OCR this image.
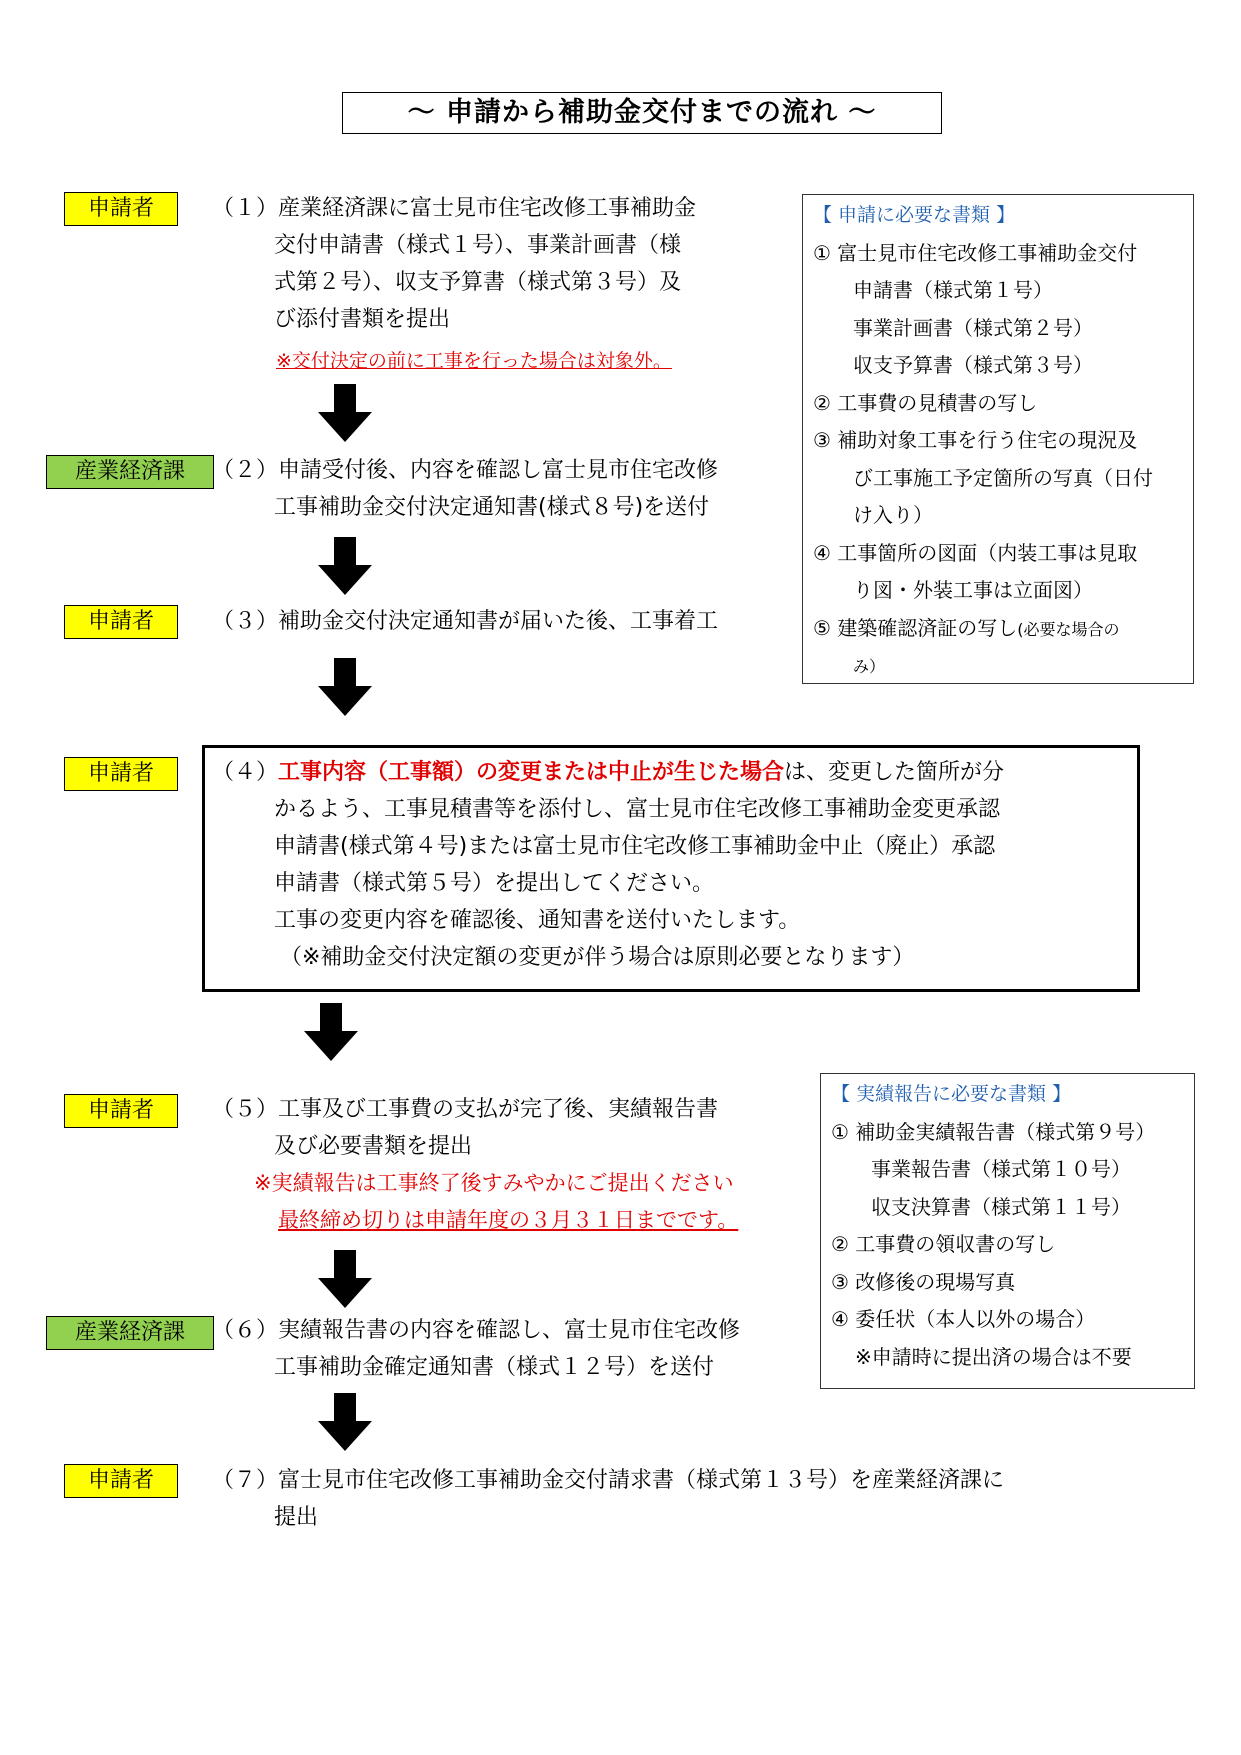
～ 申請から補助金交付までの流れ ～
申請者	（１）産業経済課に富士見市住宅改修工事補助金
交付申請書（様式１号）、事業計画書（様
式第２号）、収支予算書（様式第３号）及
び添付書類を提出
※交付決定の前に工事を行った場合は対象外。
産業経済課	（２）申請受付後、内容を確認し富士見市住宅改修
工事補助金交付決定通知書(様式８号)を送付
申請者	（３）補助金交付決定通知書が届いた後、工事着工
申請者	（４）工事内容（工事額）の変更または中止が生じた場合は、変更した箇所が分
かるよう、工事見積書等を添付し、富士見市住宅改修工事補助金変更承認
申請書(様式第４号)または富士見市住宅改修工事補助金中止（廃止）承認
申請書（様式第５号）を提出してください。
工事の変更内容を確認後、通知書を送付いたします。
（※補助金交付決定額の変更が伴う場合は原則必要となります）
申請者	（５）工事及び工事費の支払が完了後、実績報告書
及び必要書類を提出
※実績報告は工事終了後すみやかにご提出ください
最終締め切りは申請年度の３月３１日までです。
産業経済課	（６）実績報告書の内容を確認し、富士見市住宅改修
工事補助金確定通知書（様式１２号）を送付
申請者	（７）富士見市住宅改修工事補助金交付請求書（様式第１３号）を産業経済課に
提出
【 申請に必要な書類 】
① 富士見市住宅改修工事補助金交付
申請書（様式第１号）
事業計画書（様式第２号）
収支予算書（様式第３号）
② 工事費の見積書の写し
③ 補助対象工事を行う住宅の現況及
び工事施工予定箇所の写真（日付
け入り）
④ 工事箇所の図面（内装工事は見取
り図・外装工事は立面図）
⑤ 建築確認済証の写し(必要な場合の
み）
【 実績報告に必要な書類 】
① 補助金実績報告書（様式第９号）
事業報告書（様式第１０号）
収支決算書（様式第１１号）
② 工事費の領収書の写し
③ 改修後の現場写真
④ 委任状（本人以外の場合）
※申請時に提出済の場合は不要
